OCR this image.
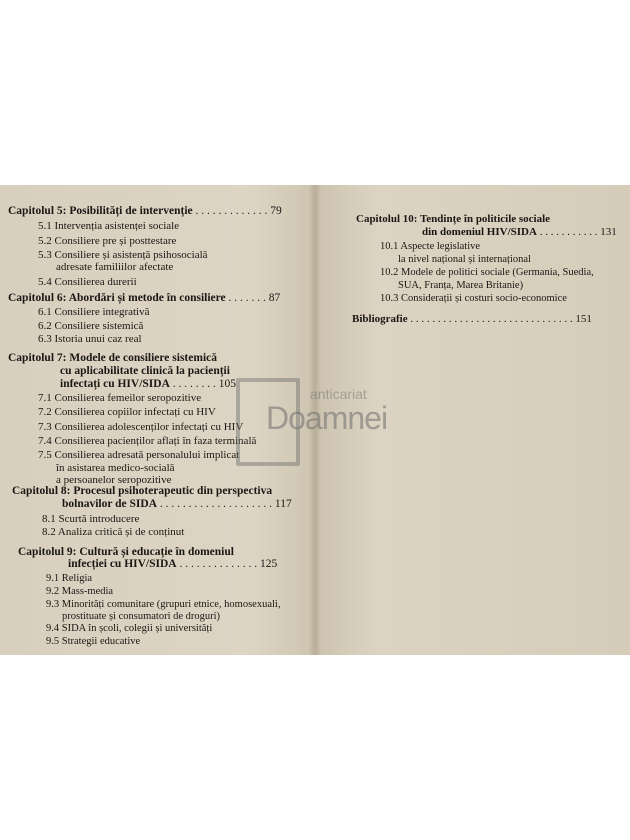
Capitolul 5: Posibilități de intervenție . . . . . . . . . . . . . 79
5.1 Intervenția asistenței sociale
5.2 Consiliere pre și posttestare
5.3 Consiliere și asistență psihosocială
adresate familiilor afectate
5.4 Consilierea durerii
Capitolul 6: Abordări și metode în consiliere . . . . . . . 87
6.1 Consiliere integrativă
6.2 Consiliere sistemică
6.3 Istoria unui caz real
Capitolul 7: Modele de consiliere sistemică
cu aplicabilitate clinică la pacienții
infectați cu HIV/SIDA . . . . . . . . 105
7.1 Consilierea femeilor seropozitive
7.2 Consilierea copiilor infectați cu HIV
7.3 Consilierea adolescenților infectați cu HIV
7.4 Consilierea pacienților aflați în faza terminală
7.5 Consilierea adresată personalului implicat
în asistarea medico-socială
a persoanelor seropozitive
Capitolul 8: Procesul psihoterapeutic din perspectiva
bolnavilor de SIDA . . . . . . . . . . . . . . . . . . . . 117
8.1 Scurtă introducere
8.2 Analiza critică și de conținut
Capitolul 9: Cultură și educație în domeniul
infecției cu HIV/SIDA . . . . . . . . . . . . . . 125
9.1 Religia
9.2 Mass-media
9.3 Minorități comunitare (grupuri etnice, homosexuali,
prostituate și consumatori de droguri)
9.4 SIDA în școli, colegii și universități
9.5 Strategii educative
Capitolul 10: Tendințe în politicile sociale
din domeniul HIV/SIDA . . . . . . . . . . . 131
10.1 Aspecte legislative
la nivel național și internațional
10.2 Modele de politici sociale (Germania, Suedia,
SUA, Franța, Marea Britanie)
10.3 Considerații și costuri socio-economice
Bibliografie . . . . . . . . . . . . . . . . . . . . . . . . . . . . . . 151
anticariat
Doamnei
